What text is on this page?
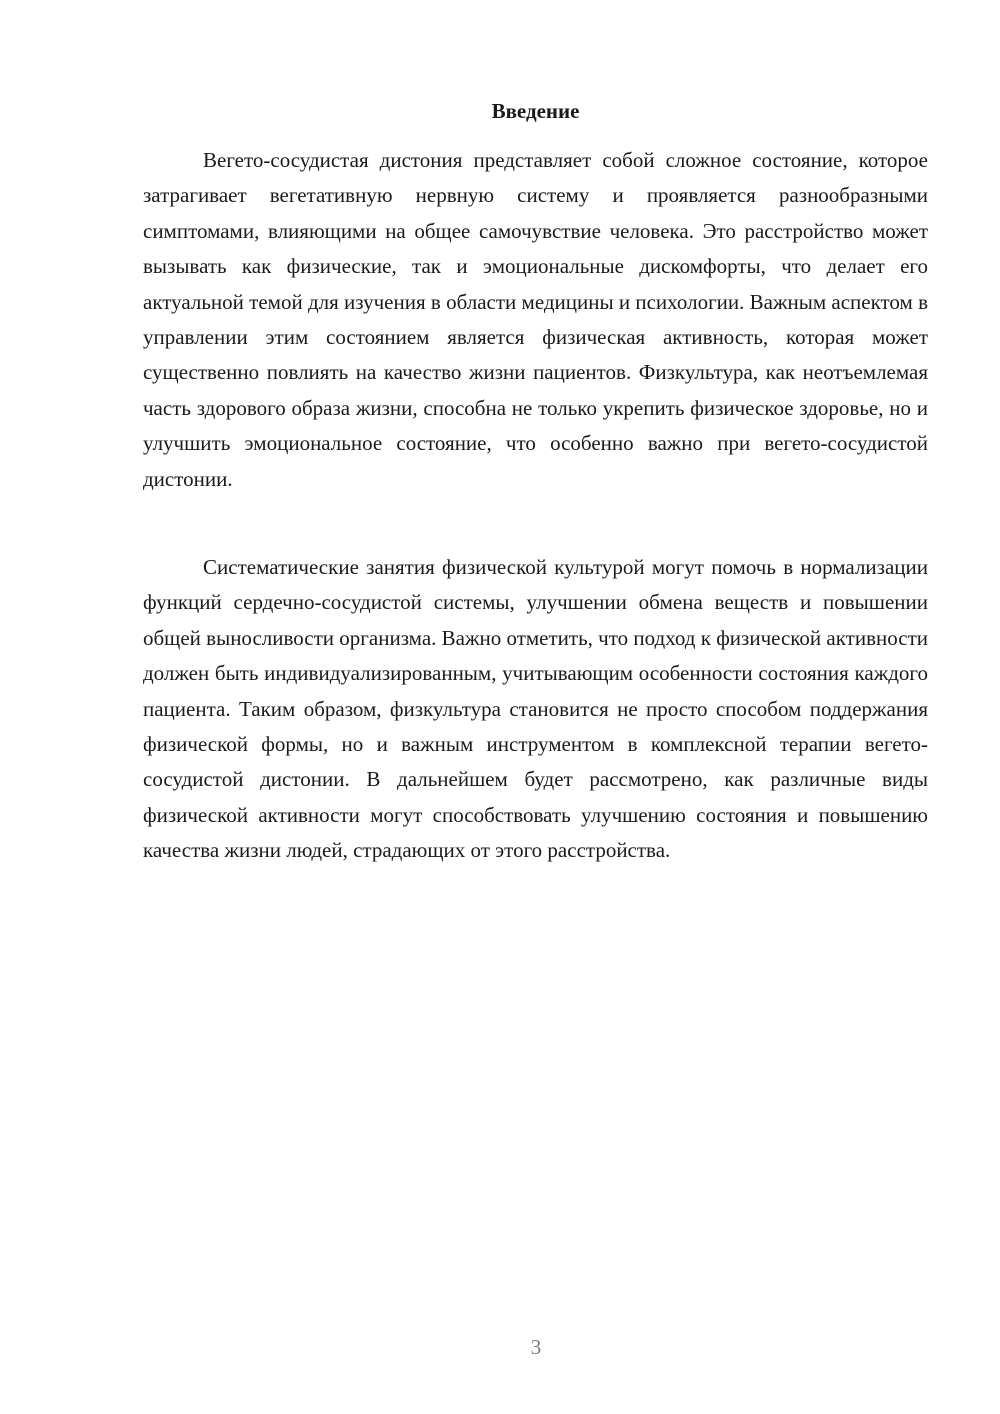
Введение

Вегето-сосудистая дистония представляет собой сложное состояние, которое затрагивает вегетативную нервную систему и проявляется разнообразными симптомами, влияющими на общее самочувствие человека. Это расстройство может вызывать как физические, так и эмоциональные дискомфорты, что делает его актуальной темой для изучения в области медицины и психологии. Важным аспектом в управлении этим состоянием является физическая активность, которая может существенно повлиять на качество жизни пациентов. Физкультура, как неотъемлемая часть здорового образа жизни, способна не только укрепить физическое здоровье, но и улучшить эмоциональное состояние, что особенно важно при вегето-сосудистой дистонии.

Систематические занятия физической культурой могут помочь в нормализации функций сердечно-сосудистой системы, улучшении обмена веществ и повышении общей выносливости организма. Важно отметить, что подход к физической активности должен быть индивидуализированным, учитывающим особенности состояния каждого пациента. Таким образом, физкультура становится не просто способом поддержания физической формы, но и важным инструментом в комплексной терапии вегето-сосудистой дистонии. В дальнейшем будет рассмотрено, как различные виды физической активности могут способствовать улучшению состояния и повышению качества жизни людей, страдающих от этого расстройства.

3
